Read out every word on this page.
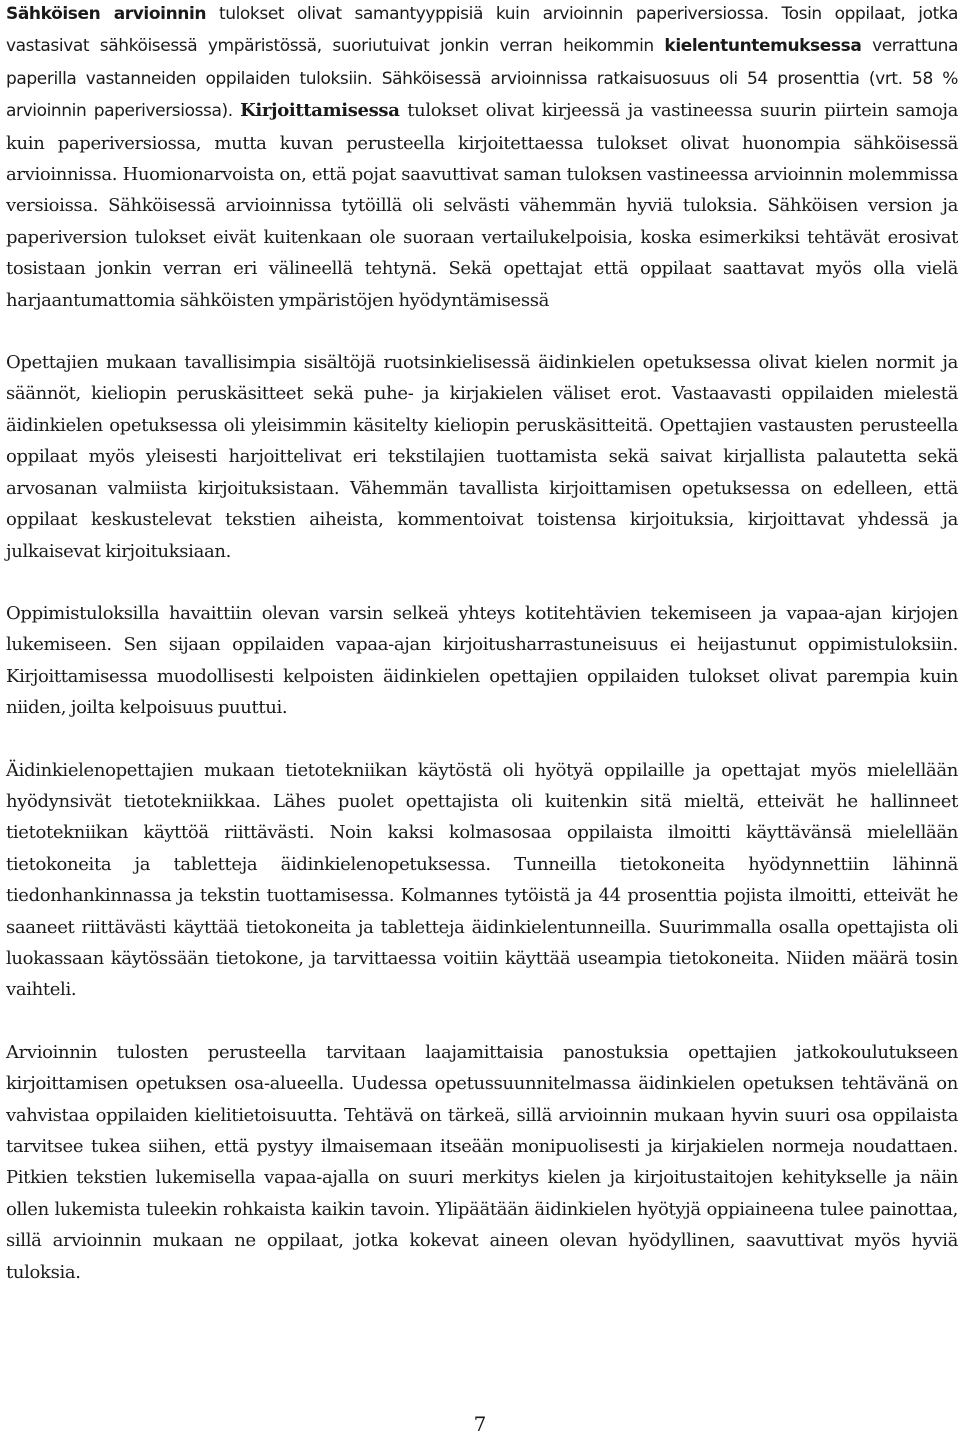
Sähköisen arvioinnin tulokset olivat samantyyppisiä kuin arvioinnin paperiversiossa. Tosin oppilaat, jotka vastasivat sähköisessä ympäristössä, suoriutuivat jonkin verran heikommin kielentuntemuksessa verrattuna paperilla vastanneiden oppilaiden tuloksiin. Sähköisessä arvioinnissa ratkaisuosuus oli 54 prosenttia (vrt. 58 % arvioinnin paperiversiossa). Kirjoittamisessa tulokset olivat kirjeessä ja vastineessa suurin piirtein samoja kuin paperiversiossa, mutta kuvan perusteella kirjoitettaessa tulokset olivat huonompia sähköisessä arvioinnissa. Huomionarvoista on, että pojat saavuttivat saman tuloksen vastineessa arvioinnin molemmissa versioissa. Sähköisessä arvioinnissa tytöillä oli selvästi vähemmän hyviä tuloksia. Sähköisen version ja paperiversion tulokset eivät kuitenkaan ole suoraan vertailukelpoisia, koska esimerkiksi tehtävät erosivat tosistaan jonkin verran eri välineellä tehtynä. Sekä opettajat että oppilaat saattavat myös olla vielä harjaantumattomia sähköisten ympäristöjen hyödyntämisessä

Opettajien mukaan tavallisimpia sisältöjä ruotsinkielisessä äidinkielen opetuksessa olivat kielen normit ja säännöt, kieliopin peruskäsitteet sekä puhe- ja kirjakielen väliset erot. Vastaavasti oppilaiden mielestä äidinkielen opetuksessa oli yleisimmin käsitelty kieliopin peruskäsitteitä. Opettajien vastausten perusteella oppilaat myös yleisesti harjoittelivat eri tekstilajien tuottamista sekä saivat kirjallista palautetta sekä arvosanan valmiista kirjoituksistaan. Vähemmän tavallista kirjoittamisen opetuksessa on edelleen, että oppilaat keskustelevat tekstien aiheista, kommentoivat toistensa kirjoituksia, kirjoittavat yhdessä ja julkaisevat kirjoituksiaan.

Oppimistuloksilla havaittiin olevan varsin selkeä yhteys kotitehtävien tekemiseen ja vapaa-ajan kirjojen lukemiseen. Sen sijaan oppilaiden vapaa-ajan kirjoitusharrastuneisuus ei heijastunut oppimistuloksiin. Kirjoittamisessa muodollisesti kelpoisten äidinkielen opettajien oppilaiden tulokset olivat parempia kuin niiden, joilta kelpoisuus puuttui.

Äidinkielenopettajien mukaan tietotekniikan käytöstä oli hyötyä oppilaille ja opettajat myös mielellään hyödynsivät tietotekniikkaa. Lähes puolet opettajista oli kuitenkin sitä mieltä, etteivät he hallinneet tietotekniikan käyttöä riittävästi. Noin kaksi kolmasosaa oppilaista ilmoitti käyttävänsä mielellään tietokoneita ja tabletteja äidinkielenopetuksessa. Tunneilla tietokoneita hyödynnettiin lähinnä tiedonhankinnassa ja tekstin tuottamisessa. Kolmannes tytöistä ja 44 prosenttia pojista ilmoitti, etteivät he saaneet riittävästi käyttää tietokoneita ja tabletteja äidinkielentunneilla. Suurimmalla osalla opettajista oli luokassaan käytössään tietokone, ja tarvittaessa voitiin käyttää useampia tietokoneita. Niiden määrä tosin vaihteli.

Arvioinnin tulosten perusteella tarvitaan laajamittaisia panostuksia opettajien jatkokoulutukseen kirjoittamisen opetuksen osa-alueella. Uudessa opetussuunnitelmassa äidinkielen opetuksen tehtävänä on vahvistaa oppilaiden kielitietoisuutta. Tehtävä on tärkeä, sillä arvioinnin mukaan hyvin suuri osa oppilaista tarvitsee tukea siihen, että pystyy ilmaisemaan itseään monipuolisesti ja kirjakielen normeja noudattaen. Pitkien tekstien lukemisella vapaa-ajalla on suuri merkitys kielen ja kirjoitustaitojen kehitykselle ja näin ollen lukemista tuleekin rohkaista kaikin tavoin. Ylipäätään äidinkielen hyötyjä oppiaineena tulee painottaa, sillä arvioinnin mukaan ne oppilaat, jotka kokevat aineen olevan hyödyllinen, saavuttivat myös hyviä tuloksia.

7
